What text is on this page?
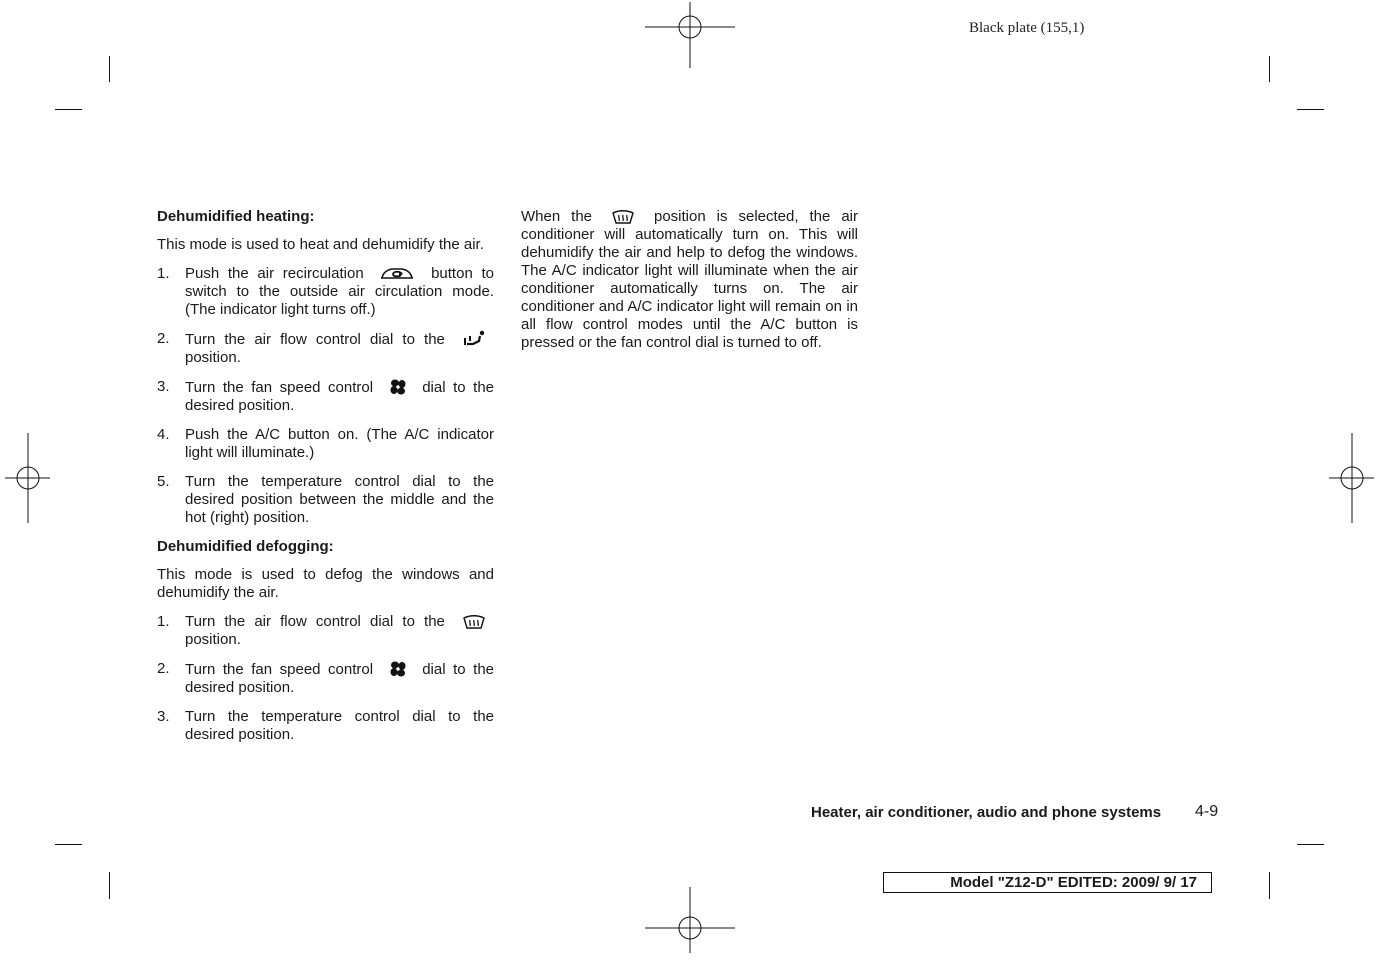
Black plate (155,1)
Dehumidified heating:

This mode is used to heat and dehumidify the air.

1. Push the air recirculation	button to switch to the outside air circulation mode. (The indicator light turns off.)
2. Turn the air flow control dial to the
position.
3. Turn the fan speed control	dial to the desired position.
4. Push the A/C button on. (The A/C indicator light will illuminate.)
5. Turn the temperature control dial to the desired position between the middle and the hot (right) position.
Dehumidified defogging:

This mode is used to defog the windows and dehumidify the air.

1. Turn the air flow control dial to the
position.
2. Turn the fan speed control	dial to the desired position.
3. Turn the temperature control dial to the desired position.

When the	position is selected, the air conditioner will automatically turn on. This will dehumidify the air and help to defog the windows. The A/C indicator light will illuminate when the air conditioner automatically turns on. The air conditioner and A/C indicator light will remain on in all flow control modes until the A/C button is pressed or the fan control dial is turned to off.

Heater, air conditioner, audio and phone systems 4-9
Model "Z12-D" EDITED: 2009/ 9/ 17
